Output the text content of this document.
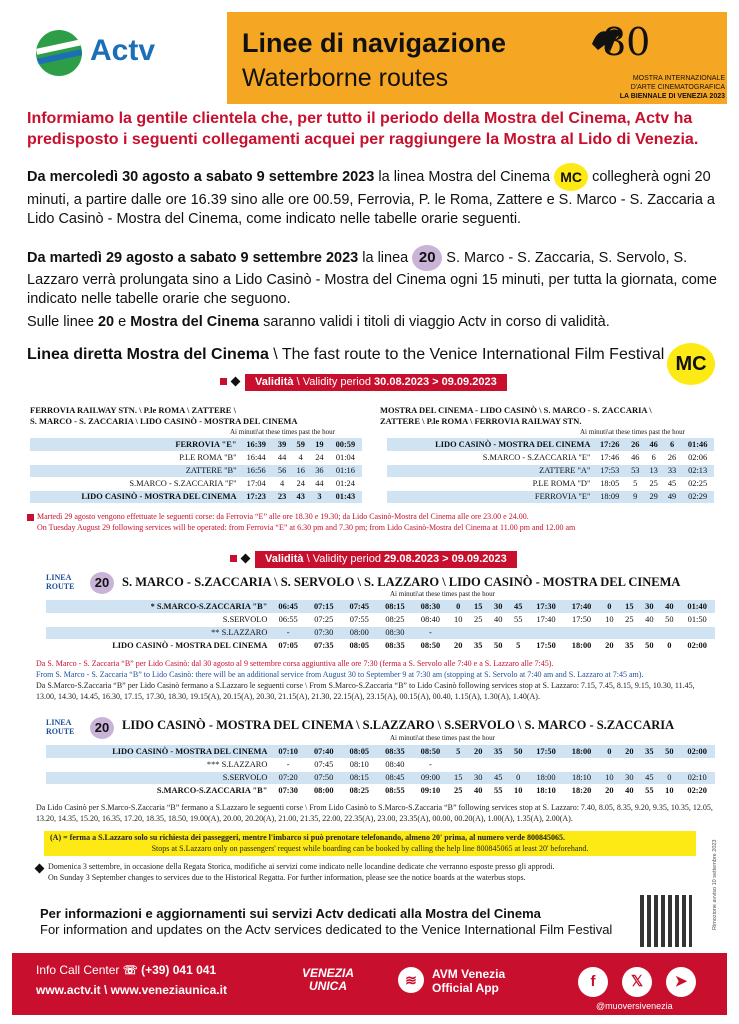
Actv	Linee di navigazione
Waterborne routes
80
MOSTRA INTERNAZIONALE
D'ARTE CINEMATOGRAFICA
LA BIENNALE DI VENEZIA 2023
Informiamo la gentile clientela che, per tutto il periodo della Mostra del Cinema, Actv ha predisposto i seguenti collegamenti acquei per raggiungere la Mostra al Lido di Venezia.
Da mercoledì 30 agosto a sabato 9 settembre 2023 la linea Mostra del Cinema MC collegherà ogni 20 minuti, a partire dalle ore 16.39 sino alle ore 00.59, Ferrovia, P. le Roma, Zattere e S. Marco - S. Zaccaria a Lido Casinò - Mostra del Cinema, come indicato nelle tabelle orarie seguenti.
Da martedì 29 agosto a sabato 9 settembre 2023 la linea 20 S. Marco - S. Zaccaria, S. Servolo, S. Lazzaro verrà prolungata sino a Lido Casinò - Mostra del Cinema ogni 15 minuti, per tutta la giornata, come indicato nelle tabelle orarie che seguono.
Sulle linee 20 e Mostra del Cinema saranno validi i titoli di viaggio Actv in corso di validità.
Linea diretta Mostra del Cinema \ The fast route to the Venice International Film Festival MC
Validità \ Validity period 30.08.2023 > 09.09.2023
FERROVIA RAILWAY STN. \ P.le ROMA \ ZATTERE \
S. MARCO - S. ZACCARIA \ LIDO CASINÒ - MOSTRA DEL CINEMA
Ai minuti\at these times past the hour
MOSTRA DEL CINEMA - LIDO CASINÒ \ S. MARCO - S. ZACCARIA \
ZATTERE \ P.le ROMA \ FERROVIA RAILWAY STN.
Ai minuti\at these times past the hour
FERROVIA "E"	16:39	39	59	19	00:59
P.LE ROMA "B"	16:44	44	4	24	01:04
ZATTERE "B"	16:56	56	16	36	01:16
S.MARCO - S.ZACCARIA "F"	17:04	4	24	44	01:24
LIDO CASINÒ - MOSTRA DEL CINEMA	17:23	23	43	3	01:43
LIDO CASINÒ - MOSTRA DEL CINEMA	17:26	26	46	6	01:46
S.MARCO - S.ZACCARIA "E"	17:46	46	6	26	02:06
ZATTERE "A"	17:53	53	13	33	02:13
P.LE ROMA "D"	18:05	5	25	45	02:25
FERROVIA "E"	18:09	9	29	49	02:29
Martedì 29 agosto vengono effettuate le seguenti corse: da Ferrovia “E” alle ore 18.30 e 19.30; da Lido Casinò-Mostra del Cinema alle ore 23.00 e 24.00.
On Tuesday August 29 following services will be operated: from Ferrovia “E” at 6.30 pm and 7.30 pm; from Lido Casinò-Mostra del Cinema at 11.00 pm and 12.00 am
Validità \ Validity period 29.08.2023 > 09.09.2023
LINEA
ROUTE	20	S. MARCO - S.ZACCARIA \ S. SERVOLO \ S. LAZZARO \ LIDO CASINÒ - MOSTRA DEL CINEMA
Ai minuti\at these times past the hour
* S.MARCO-S.ZACCARIA "B"	06:45	07:15	07:45	08:15	08:30	0	15	30	45	17:30	17:40	0	15	30	40	01:40
S.SERVOLO	06:55	07:25	07:55	08:25	08:40	10	25	40	55	17:40	17:50	10	25	40	50	01:50
** S.LAZZARO	-	07:30	08:00	08:30	-											
LIDO CASINÒ - MOSTRA DEL CINEMA	07:05	07:35	08:05	08:35	08:50	20	35	50	5	17:50	18:00	20	35	50	0	02:00
Da S. Marco - S. Zaccaria “B” per Lido Casinò: dal 30 agosto al 9 settembre corsa aggiuntiva alle ore 7:30 (ferma a S. Servolo alle 7:40 e a S. Lazzaro alle 7:45).
From S. Marco - S. Zaccaria “B” to Lido Casinò: there will be an additional service from August 30 to September 9 at 7:30 am (stopping at S. Servolo at 7:40 am and S. Lazzaro at 7:45 am).
Da S.Marco-S.Zaccaria “B” per Lido Casinò fermano a S.Lazzaro le seguenti corse \ From S.Marco-S.Zaccaria “B” to Lido Casinò following services stop at S. Lazzaro: 7.15, 7.45, 8.15, 9.15, 10.30, 11.45, 13.00, 14.30, 14.45, 16.30, 17.15, 17.30, 18.30, 19.15(A), 20.15(A), 20.30, 21.15(A), 21.30, 22.15(A), 23.15(A), 00.15(A), 00.40, 1.15(A), 1.30(A), 1.40(A).
LINEA
ROUTE	20	LIDO CASINÒ - MOSTRA DEL CINEMA \ S.LAZZARO \ S.SERVOLO \ S. MARCO - S.ZACCARIA
Ai minuti\at these times past the hour
LIDO CASINÒ - MOSTRA DEL CINEMA	07:10	07:40	08:05	08:35	08:50	5	20	35	50	17:50	18:00	0	20	35	50	02:00
*** S.LAZZARO	-	07:45	08:10	08:40	-											
S.SERVOLO	07:20	07:50	08:15	08:45	09:00	15	30	45	0	18:00	18:10	10	30	45	0	02:10
S.MARCO-S.ZACCARIA "B"	07:30	08:00	08:25	08:55	09:10	25	40	55	10	18:10	18:20	20	40	55	10	02:20
Da Lido Casinò per S.Marco-S.Zaccaria “B” fermano a S.Lazzaro le seguenti corse \ From Lido Casinò to S.Marco-S.Zaccaria “B” following services stop at S. Lazzaro: 7.40, 8.05, 8.35, 9.20, 9.35, 10.35, 12.05, 13.20, 14.35, 15.20, 16.35, 17.20, 18.35, 18.50, 19.00(A), 20.00, 20.20(A), 21.00, 21.35, 22.00, 22.35(A), 23.00, 23.35(A), 00.00, 00.20(A), 1.00(A), 1.35(A), 2.00(A).
(A) = ferma a S.Lazzaro solo su richiesta dei passeggeri, mentre l'imbarco si può prenotare telefonando, almeno 20' prima, al numero verde 800845065.
Stops at S.Lazzaro only on passengers' request while boarding can be booked by calling the help line 800845065 at least 20' beforehand.
Domenica 3 settembre, in occasione della Regata Storica, modifiche ai servizi come indicato nelle locandine dedicate che verranno esposte presso gli approdi.
On Sunday 3 September changes to services due to the Historical Regatta. For further information, please see the notice boards at the waterbus stops.	Rimozione avviso 10 settembre 2023
Per informazioni e aggiornamenti sui servizi Actv dedicati alla Mostra del Cinema
For information and updates on the Actv services dedicated to the Venice International Film Festival
Info Call Center ☏ (+39) 041 041
www.actv.it \ www.veneziaunica.it
VENEZIA
UNICA	≋	AVM Venezia
Official App	f	𝕏	➤
@muoversivenezia
